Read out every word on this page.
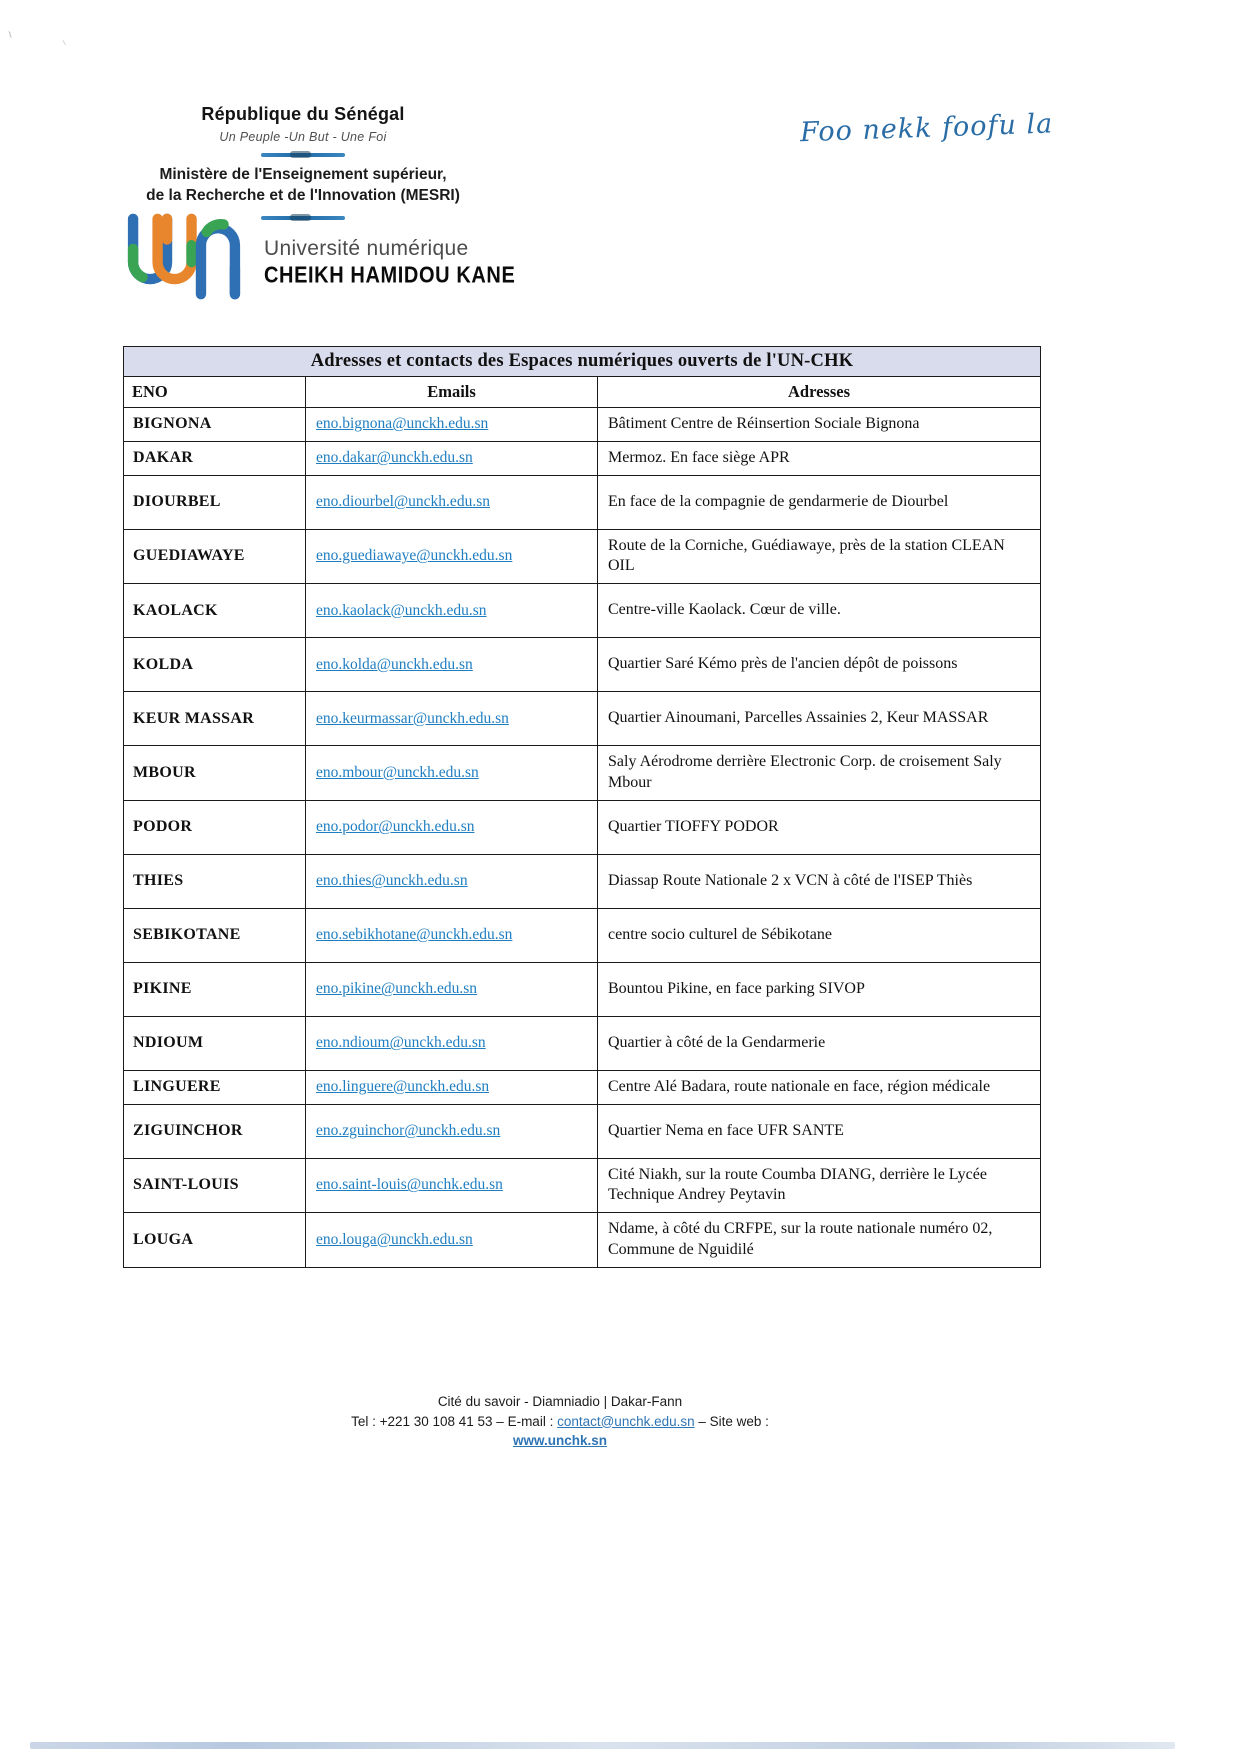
≀	⸜
République du Sénégal
Un Peuple -Un But - Une Foi
Ministère de l'Enseignement supérieur,
de la Recherche et de l'Innovation (MESRI)
Foo nekk foofu la
Université numérique
CHEIKH HAMIDOU KANE
Adresses et contacts des Espaces numériques ouverts de l'UN-CHK		
ENO	Emails	Adresses
BIGNONA	eno.bignona@unckh.edu.sn	Bâtiment Centre de Réinsertion Sociale Bignona
DAKAR	eno.dakar@unckh.edu.sn	Mermoz. En face siège APR
DIOURBEL	eno.diourbel@unckh.edu.sn	En face de la compagnie de gendarmerie de Diourbel
GUEDIAWAYE	eno.guediawaye@unckh.edu.sn	Route de la Corniche, Guédiawaye, près de la station CLEAN OIL
KAOLACK	eno.kaolack@unckh.edu.sn	Centre-ville Kaolack. Cœur de ville.
KOLDA	eno.kolda@unckh.edu.sn	Quartier Saré Kémo près de l'ancien dépôt de poissons
KEUR MASSAR	eno.keurmassar@unckh.edu.sn	Quartier Ainoumani, Parcelles Assainies 2, Keur MASSAR
MBOUR	eno.mbour@unckh.edu.sn	Saly Aérodrome derrière Electronic Corp. de croisement Saly Mbour
PODOR	eno.podor@unckh.edu.sn	Quartier TIOFFY PODOR
THIES	eno.thies@unckh.edu.sn	Diassap Route Nationale 2 x VCN à côté de l'ISEP Thiès
SEBIKOTANE	eno.sebikhotane@unckh.edu.sn	centre socio culturel de Sébikotane
PIKINE	eno.pikine@unckh.edu.sn	Bountou Pikine, en face parking SIVOP
NDIOUM	eno.ndioum@unckh.edu.sn	Quartier à côté de la Gendarmerie
LINGUERE	eno.linguere@unckh.edu.sn	Centre Alé Badara, route nationale en face, région médicale
ZIGUINCHOR	eno.zguinchor@unckh.edu.sn	Quartier Nema en face UFR SANTE
SAINT-LOUIS	eno.saint-louis@unchk.edu.sn	Cité Niakh, sur la route Coumba DIANG, derrière le Lycée Technique Andrey Peytavin
LOUGA	eno.louga@unckh.edu.sn	Ndame, à côté du CRFPE, sur la route nationale numéro 02, Commune de Nguidilé
Cité du savoir - Diamniadio | Dakar-Fann
Tel : +221 30 108 41 53 – E-mail : contact@unchk.edu.sn – Site web :
www.unchk.sn
